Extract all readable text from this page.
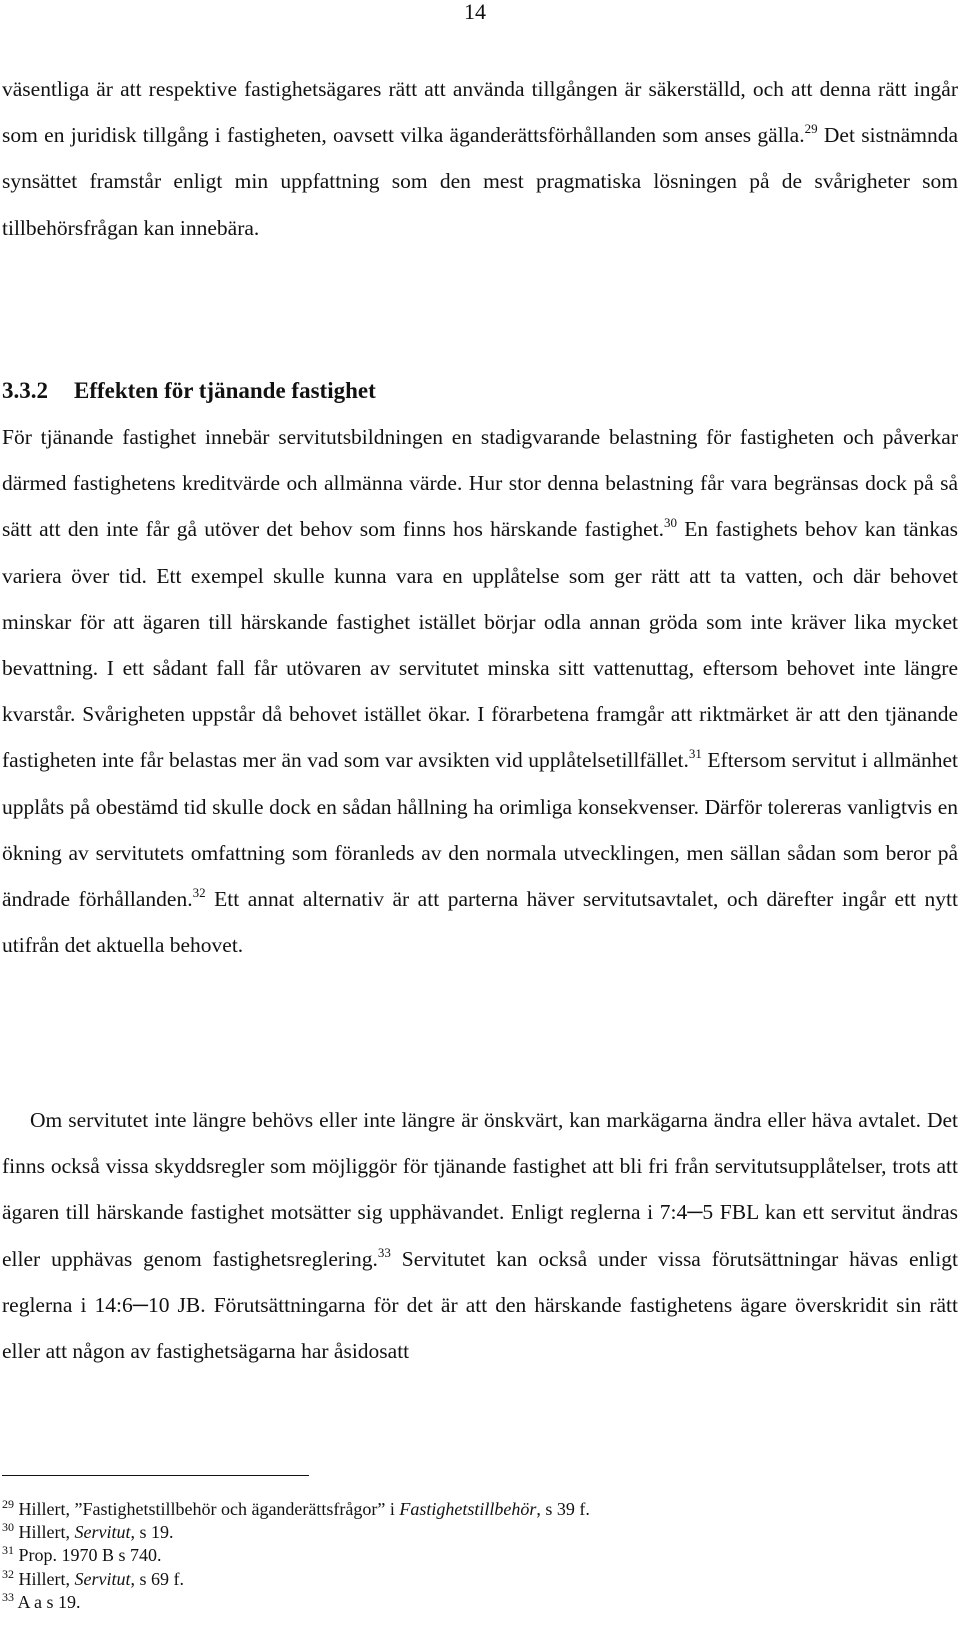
14

väsentliga är att respektive fastighetsägares rätt att använda tillgången är säkerställd, och att denna rätt ingår som en juridisk tillgång i fastigheten, oavsett vilka äganderättsförhållanden som anses gälla.$^{29}$ Det sistnämnda synsättet framstår enligt min uppfattning som den mest pragmatiska lösningen på de svårigheter som tillbehörsfrågan kan innebära.

3.3.2 Effekten för tjänande fastighet

För tjänande fastighet innebär servitutsbildningen en stadigvarande belastning för fastigheten och påverkar därmed fastighetens kreditvärde och allmänna värde. Hur stor denna belastning får vara begränsas dock på så sätt att den inte får gå utöver det behov som finns hos härskande fastighet.$^{30}$ En fastighets behov kan tänkas variera över tid. Ett exempel skulle kunna vara en upplåtelse som ger rätt att ta vatten, och där behovet minskar för att ägaren till härskande fastighet istället börjar odla annan gröda som inte kräver lika mycket bevattning. I ett sådant fall får utövaren av servitutet minska sitt vattenuttag, eftersom behovet inte längre kvarstår. Svårigheten uppstår då behovet istället ökar. I förarbetena framgår att riktmärket är att den tjänande fastigheten inte får belastas mer än vad som var avsikten vid upplåtelsetillfället.$^{31}$ Eftersom servitut i allmänhet upplåts på obestämd tid skulle dock en sådan hållning ha orimliga konsekvenser. Därför tolereras vanligtvis en ökning av servitutets omfattning som föranleds av den normala utvecklingen, men sällan sådan som beror på ändrade förhållanden.$^{32}$ Ett annat alternativ är att parterna häver servitutsavtalet, och därefter ingår ett nytt utifrån det aktuella behovet.

Om servitutet inte längre behövs eller inte längre är önskvärt, kan markägarna ändra eller häva avtalet. Det finns också vissa skyddsregler som möjliggör för tjänande fastighet att bli fri från servitutsupplåtelser, trots att ägaren till härskande fastighet motsätter sig upphävandet. Enligt reglerna i 7:4─5 FBL kan ett servitut ändras eller upphävas genom fastighetsreglering.$^{33}$ Servitutet kan också under vissa förutsättningar hävas enligt reglerna i 14:6─10 JB. Förutsättningarna för det är att den härskande fastighetens ägare överskridit sin rätt eller att någon av fastighetsägarna har åsidosatt

$^{29}$ Hillert, ”Fastighetstillbehör och äganderättsfrågor” i Fastighetstillbehör, s 39 f.
$^{30}$ Hillert, Servitut, s 19.
$^{31}$ Prop. 1970 B s 740.
$^{32}$ Hillert, Servitut, s 69 f.
$^{33}$ A a s 19.
